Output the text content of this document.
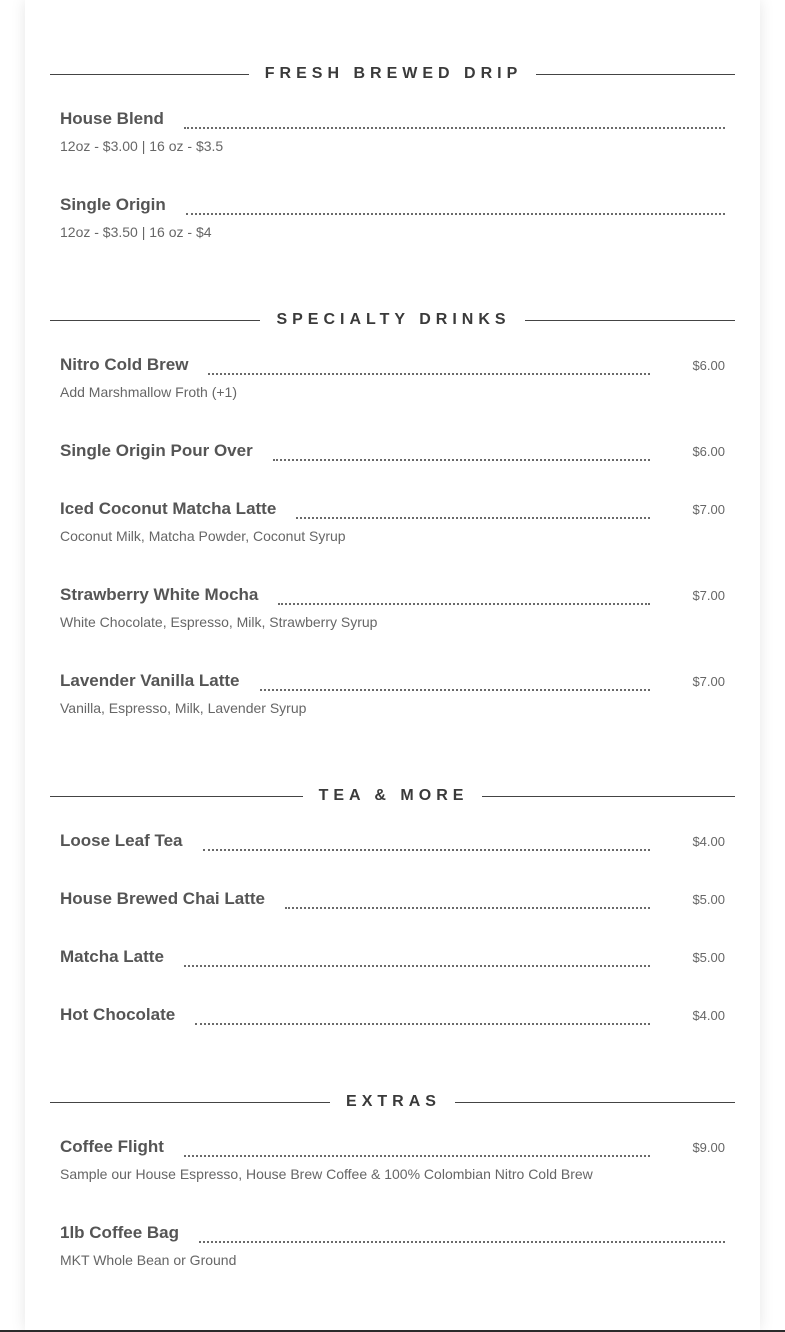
FRESH BREWED DRIP
House Blend
12oz - $3.00 | 16 oz - $3.5
Single Origin
12oz - $3.50 | 16 oz - $4
SPECIALTY DRINKS
Nitro Cold Brew	$6.00
Add Marshmallow Froth (+1)
Single Origin Pour Over	$6.00
Iced Coconut Matcha Latte	$7.00
Coconut Milk, Matcha Powder, Coconut Syrup
Strawberry White Mocha	$7.00
White Chocolate, Espresso, Milk, Strawberry Syrup
Lavender Vanilla Latte	$7.00
Vanilla, Espresso, Milk, Lavender Syrup
TEA & MORE
Loose Leaf Tea	$4.00
House Brewed Chai Latte	$5.00
Matcha Latte	$5.00
Hot Chocolate	$4.00
EXTRAS
Coffee Flight	$9.00
Sample our House Espresso, House Brew Coffee & 100% Colombian Nitro Cold Brew
1lb Coffee Bag
MKT Whole Bean or Ground
